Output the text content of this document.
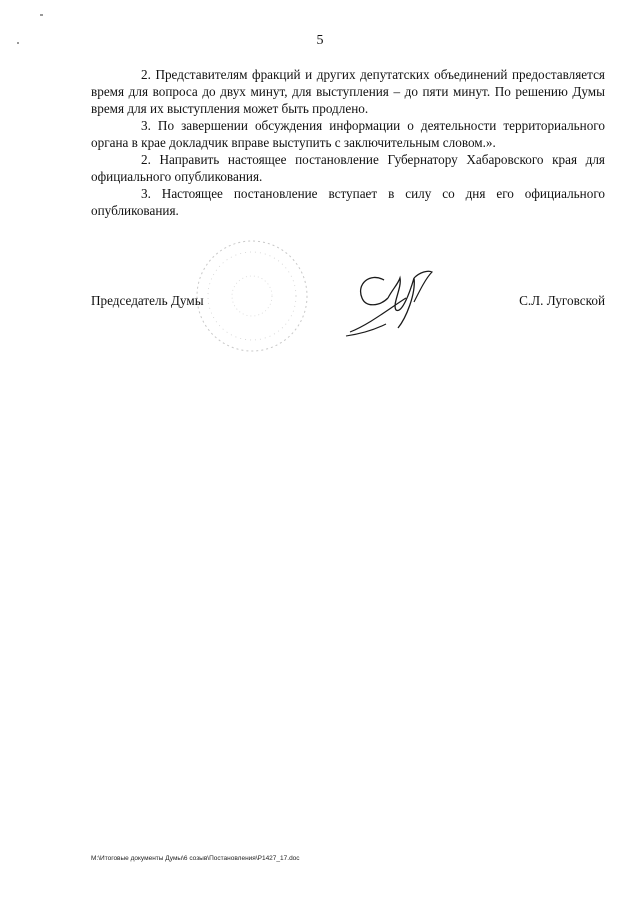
5

2. Представителям фракций и других депутатских объединений предоставляется время для вопроса до двух минут, для выступления – до пяти минут. По решению Думы время для их выступления может быть продлено.

3. По завершении обсуждения информации о деятельности территориального органа в крае докладчик вправе выступить с заключительным словом.».

2. Направить настоящее постановление Губернатору Хабаровского края для официального опубликования.

3. Настоящее постановление вступает в силу со дня его официального опубликования.

Председатель Думы	С.Л. Луговской
М:\Итоговые документы Думы\6 созыв\Постановления\Р1427_17.doc
